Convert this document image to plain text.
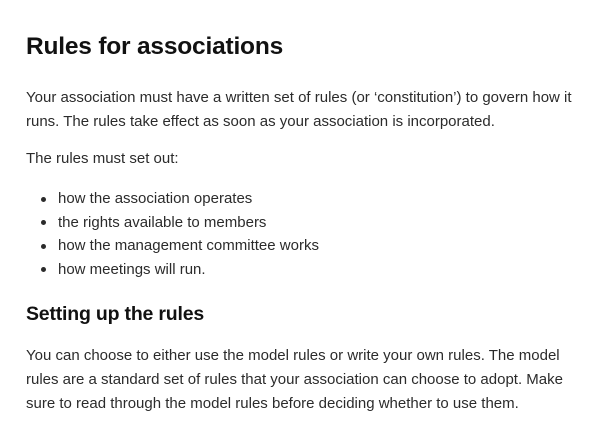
Rules for associations

Your association must have a written set of rules (or ‘constitution’) to govern how it runs. The rules take effect as soon as your association is incorporated.

The rules must set out:

how the association operates
the rights available to members
how the management committee works
how meetings will run.
Setting up the rules

You can choose to either use the model rules or write your own rules. The model rules are a standard set of rules that your association can choose to adopt. Make sure to read through the model rules before deciding whether to use them.
